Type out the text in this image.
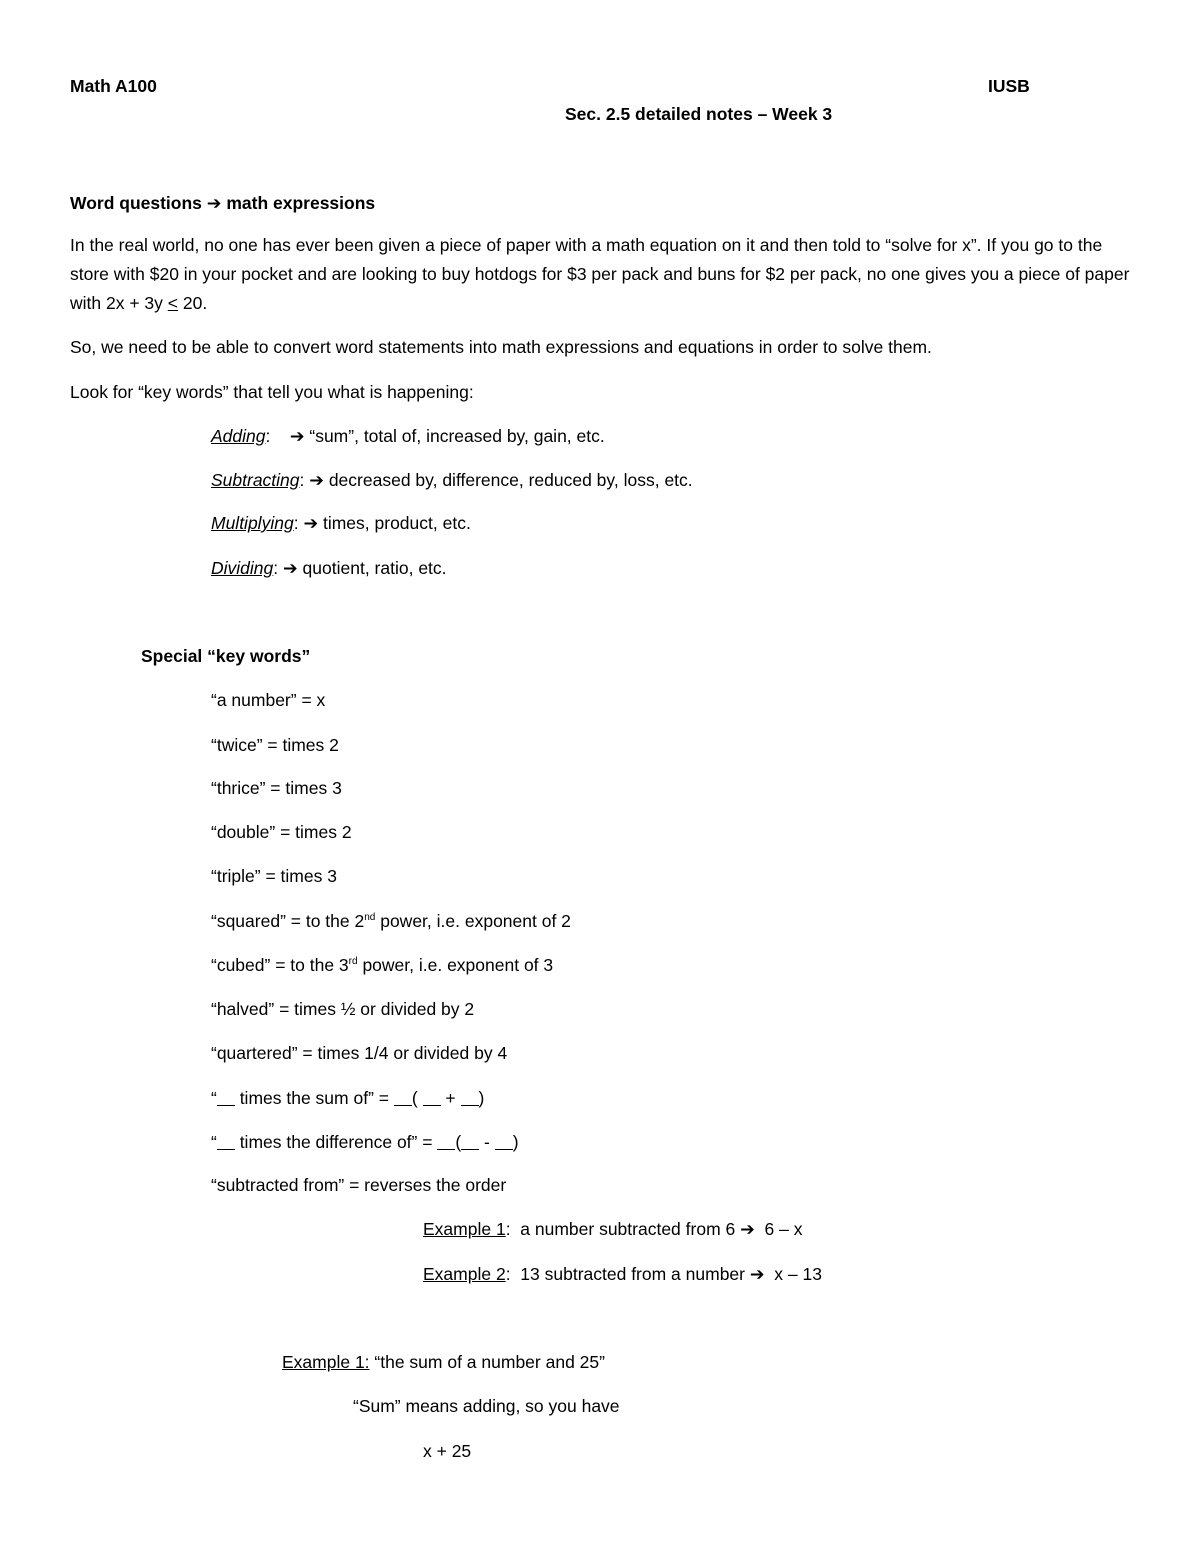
Math A100	IUSB
Sec. 2.5 detailed notes – Week 3
Word questions ➔ math expressions
In the real world, no one has ever been given a piece of paper with a math equation on it and then told to “solve for x”. If you go to the store with $20 in your pocket and are looking to buy hotdogs for $3 per pack and buns for $2 per pack, no one gives you a piece of paper with 2x + 3y ≤ 20.
So, we need to be able to convert word statements into math expressions and equations in order to solve them.
Look for “key words” that tell you what is happening:
Adding: ➔ “sum”, total of, increased by, gain, etc.
Subtracting: ➔ decreased by, difference, reduced by, loss, etc.
Multiplying: ➔ times, product, etc.
Dividing: ➔ quotient, ratio, etc.
Special “key words”
“a number” = x
“twice” = times 2
“thrice” = times 3
“double” = times 2
“triple” = times 3
“squared” = to the 2nd power, i.e. exponent of 2
“cubed” = to the 3rd power, i.e. exponent of 3
“halved” = times ½ or divided by 2
“quartered” = times 1/4 or divided by 4
“ times the sum of” = (  + )
“ times the difference of” = ( - )
“subtracted from” = reverses the order
Example 1:  a number subtracted from 6 ➔  6 – x
Example 2:  13 subtracted from a number ➔  x – 13
Example 1: “the sum of a number and 25”
“Sum” means adding, so you have
x + 25
